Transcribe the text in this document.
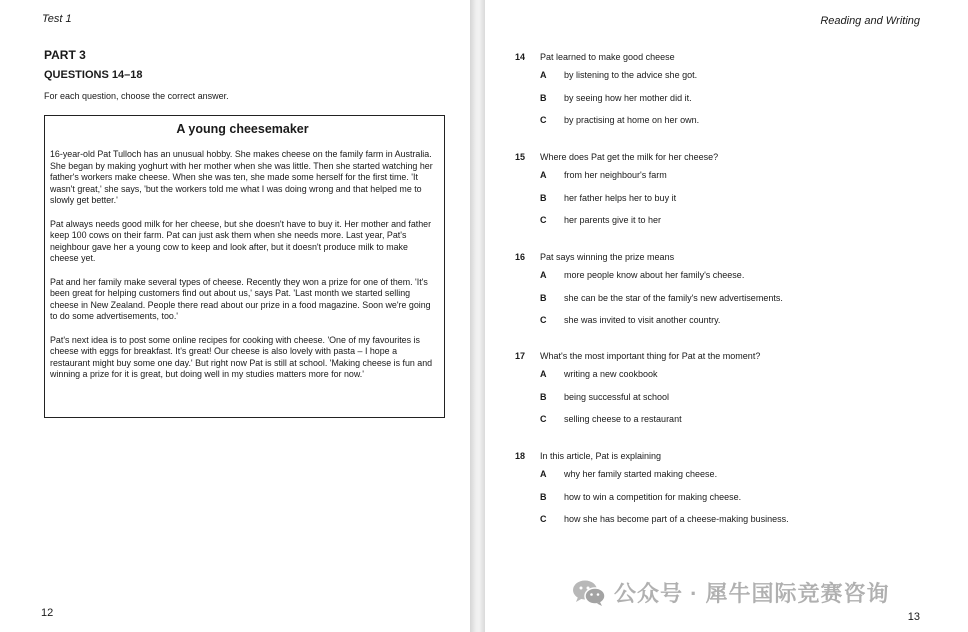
Test 1
PART 3
QUESTIONS 14–18
For each question, choose the correct answer.
A young cheesemaker

16-year-old Pat Tulloch has an unusual hobby. She makes cheese on the family farm in Australia. She began by making yoghurt with her mother when she was little. Then she started watching her father's workers make cheese. When she was ten, she made some herself for the first time. 'It wasn't great,' she says, 'but the workers told me what I was doing wrong and that helped me to slowly get better.'

Pat always needs good milk for her cheese, but she doesn't have to buy it. Her mother and father keep 100 cows on their farm. Pat can just ask them when she needs more. Last year, Pat's neighbour gave her a young cow to keep and look after, but it doesn't produce milk to make cheese yet.

Pat and her family make several types of cheese. Recently they won a prize for one of them. 'It's been great for helping customers find out about us,' says Pat. 'Last month we started selling cheese in New Zealand. People there read about our prize in a food magazine. Soon we're going to do some advertisements, too.'

Pat's next idea is to post some online recipes for cooking with cheese. 'One of my favourites is cheese with eggs for breakfast. It's great! Our cheese is also lovely with pasta – I hope a restaurant might buy some one day.' But right now Pat is still at school. 'Making cheese is fun and winning a prize for it is great, but doing well in my studies matters more for now.'

12
Reading and Writing
13
14	Pat learned to make good cheese
A	by listening to the advice she got.
B	by seeing how her mother did it.
C	by practising at home on her own.
15	Where does Pat get the milk for her cheese?
A	from her neighbour's farm
B	her father helps her to buy it
C	her parents give it to her
16	Pat says winning the prize means
A	more people know about her family's cheese.
B	she can be the star of the family's new advertisements.
C	she was invited to visit another country.
17	What's the most important thing for Pat at the moment?
A	writing a new cookbook
B	being successful at school
C	selling cheese to a restaurant
18	In this article, Pat is explaining
A	why her family started making cheese.
B	how to win a competition for making cheese.
C	how she has become part of a cheese-making business.
公众号 · 犀牛国际竞赛咨询
